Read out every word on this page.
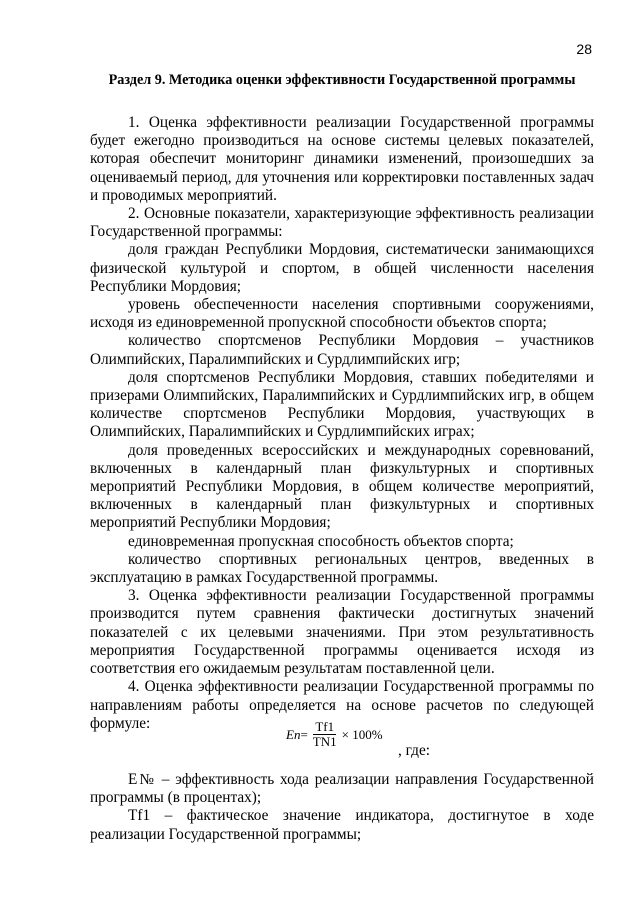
28
Раздел 9. Методика оценки эффективности Государственной программы

1. Оценка эффективности реализации Государственной программы будет ежегодно производиться на основе системы целевых показателей, которая обеспечит мониторинг динамики изменений, произошедших за оцениваемый период, для уточнения или корректировки поставленных задач и проводимых мероприятий.

2. Основные показатели, характеризующие эффективность реализации Государственной программы:

доля граждан Республики Мордовия, систематически занимающихся физической культурой и спортом, в общей численности населения Республики Мордовия;

уровень обеспеченности населения спортивными сооружениями, исходя из единовременной пропускной способности объектов спорта;

количество спортсменов Республики Мордовия – участников Олимпийских, Паралимпийских и Сурдлимпийских игр;

доля спортсменов Республики Мордовия, ставших победителями и призерами Олимпийских, Паралимпийских и Сурдлимпийских игр, в общем количестве спортсменов Республики Мордовия, участвующих в Олимпийских, Паралимпийских и Сурдлимпийских играх;

доля проведенных всероссийских и международных соревнований, включенных в календарный план физкультурных и спортивных мероприятий Республики Мордовия, в общем количестве мероприятий, включенных в календарный план физкультурных и спортивных мероприятий Республики Мордовия;

единовременная пропускная способность объектов спорта;

количество спортивных региональных центров, введенных в эксплуатацию в рамках Государственной программы.

3. Оценка эффективности реализации Государственной программы производится путем сравнения фактически достигнутых значений показателей с их целевыми значениями. При этом результативность мероприятия Государственной программы оценивается исходя из соответствия его ожидаемым результатам поставленной цели.

4. Оценка эффективности реализации Государственной программы по направлениям работы определяется на основе расчетов по следующей формуле:

$En = \frac{Tf1}{TN1} \times 100\%$
, где:

E№ – эффективность хода реализации направления Государственной программы (в процентах);

Tf1 – фактическое значение индикатора, достигнутое в ходе реализации Государственной программы;
